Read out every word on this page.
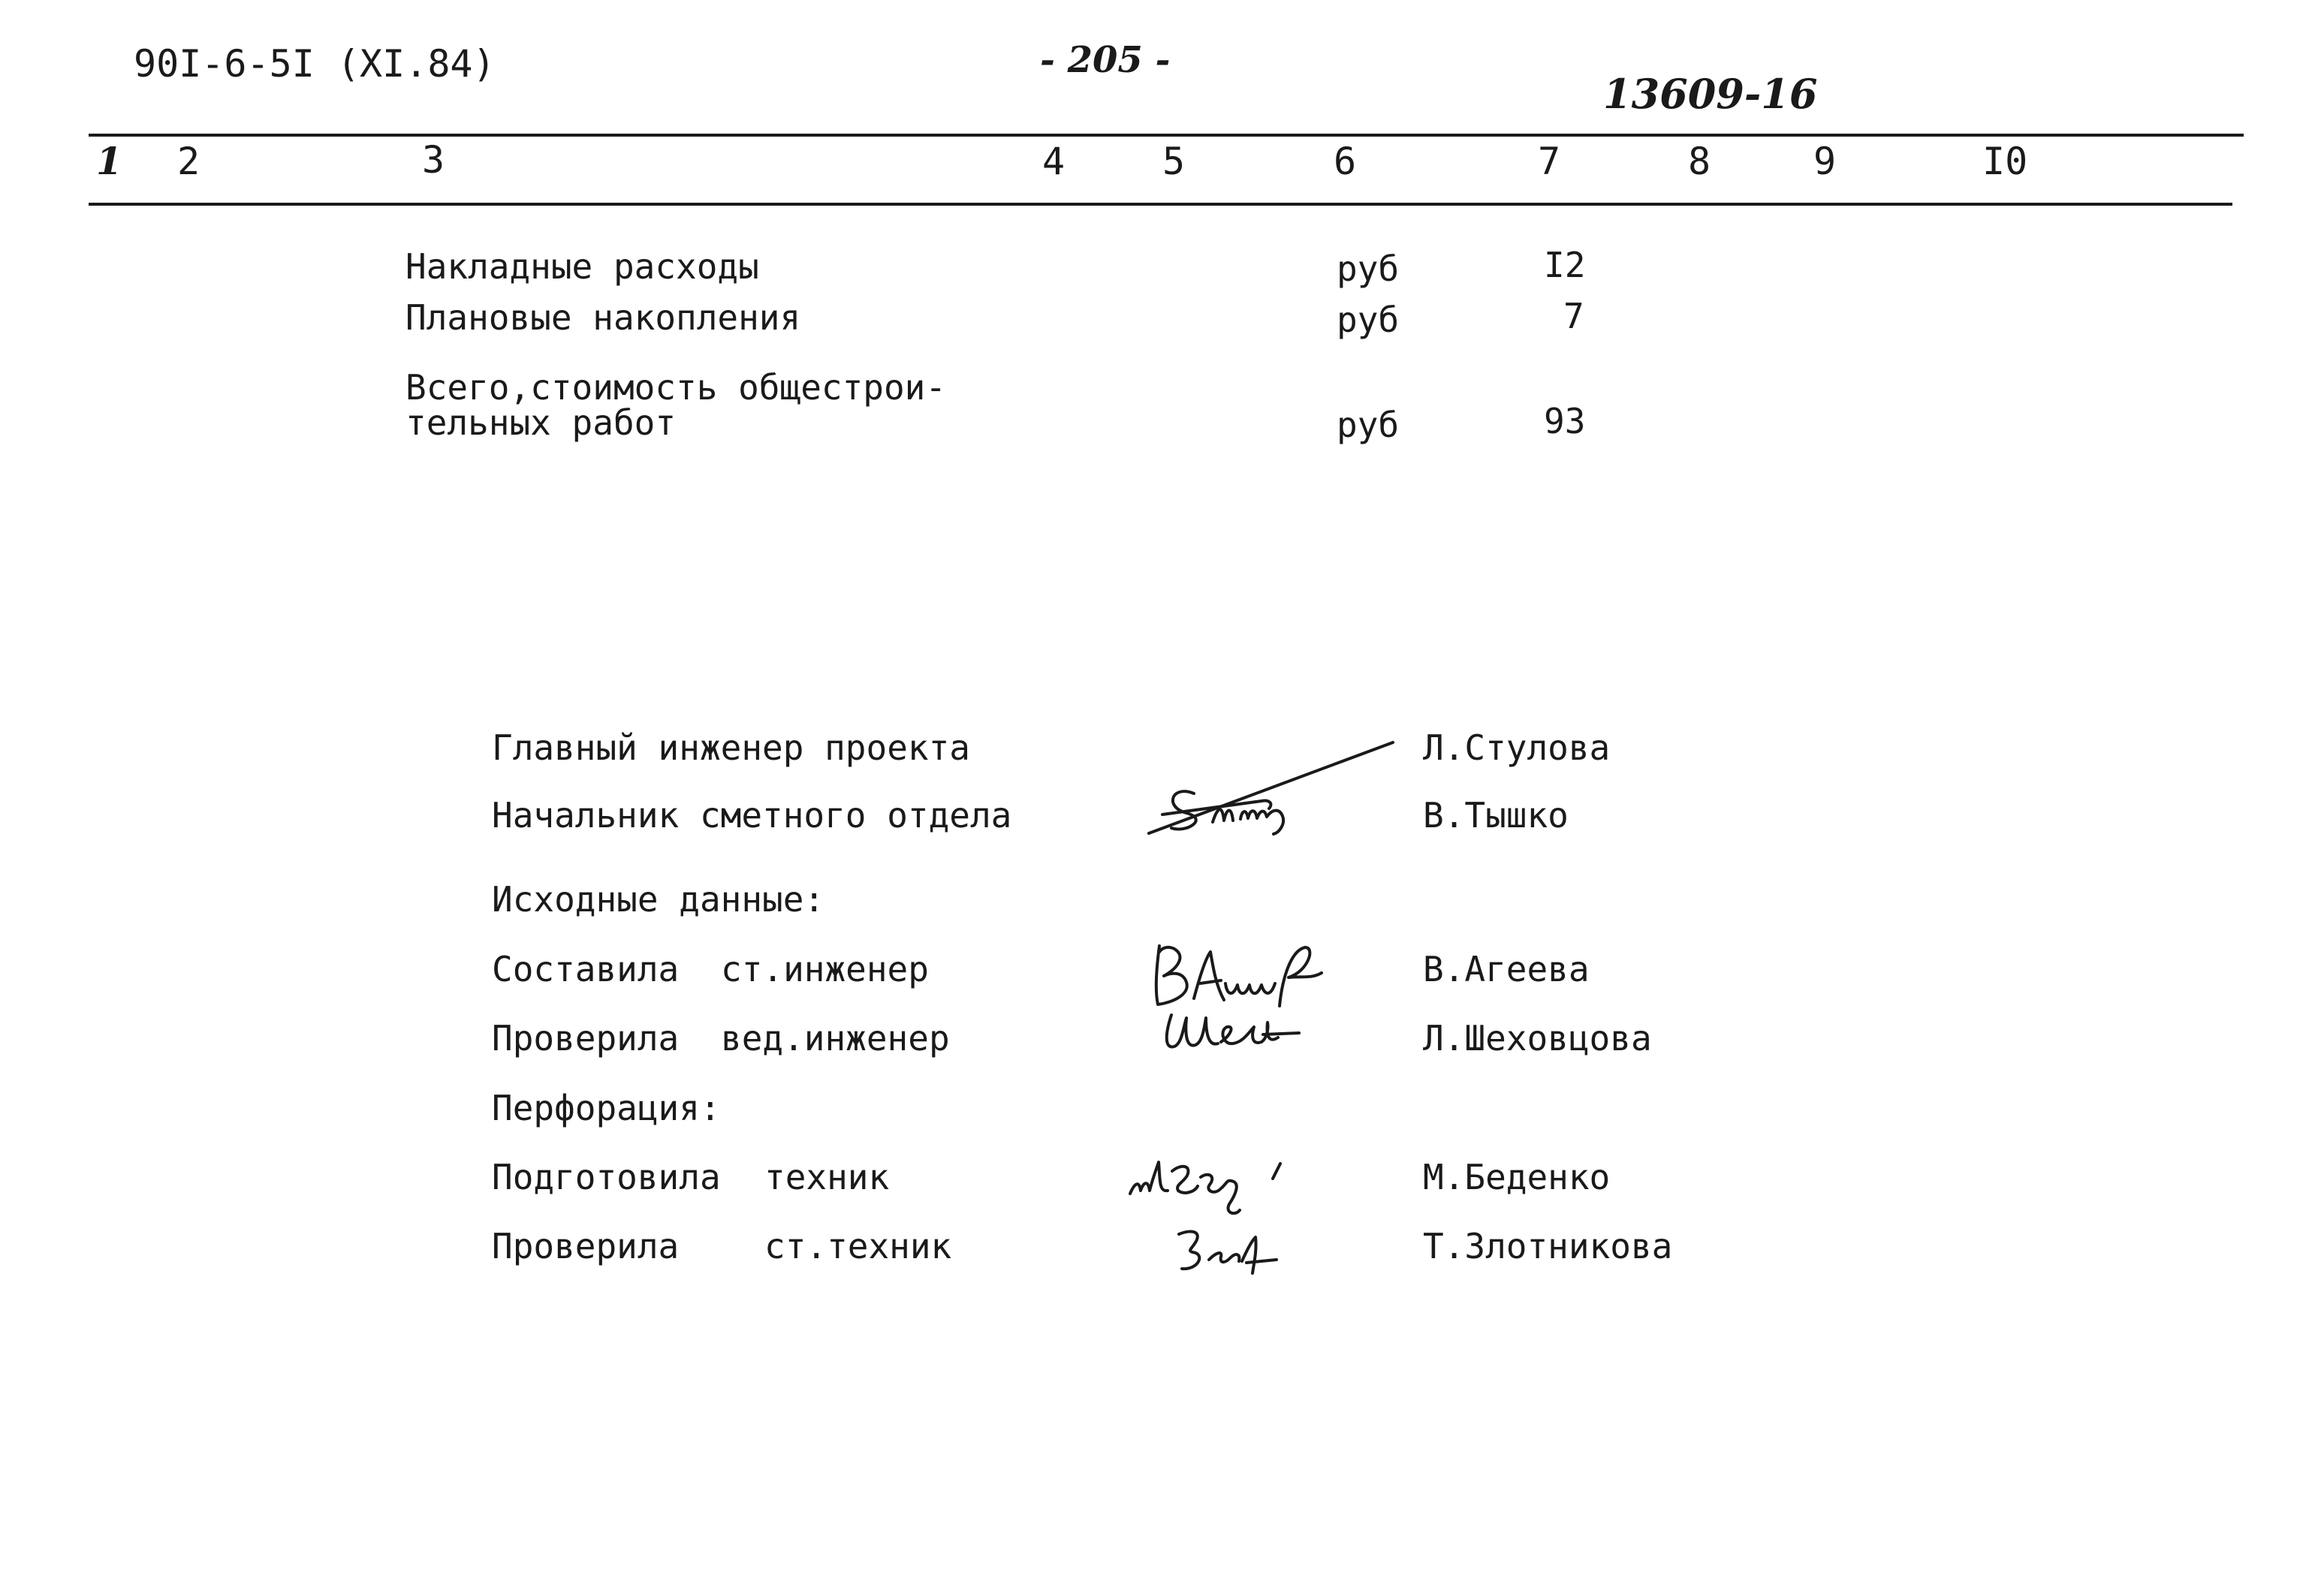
90I-6-5I (XI.84)	- 205 -
13609-16
1 2	3	4	5	6	7	8	9	I0
Накладные расходы	руб	I2
Плановые накопления	руб	7
Всего,стоимость общестрои-
тельных работ	руб	93
Главный инженер проекта	Л.Стулова
Начальник сметного отдела	В.Тышко
Исходные данные:
Составила ст.инженер	В.Агеева
Проверила вед.инженер	Л.Шеховцова
Перфорация:
Подготовила техник	М.Беденко
Проверила ст.техник	Т.Злотникова
